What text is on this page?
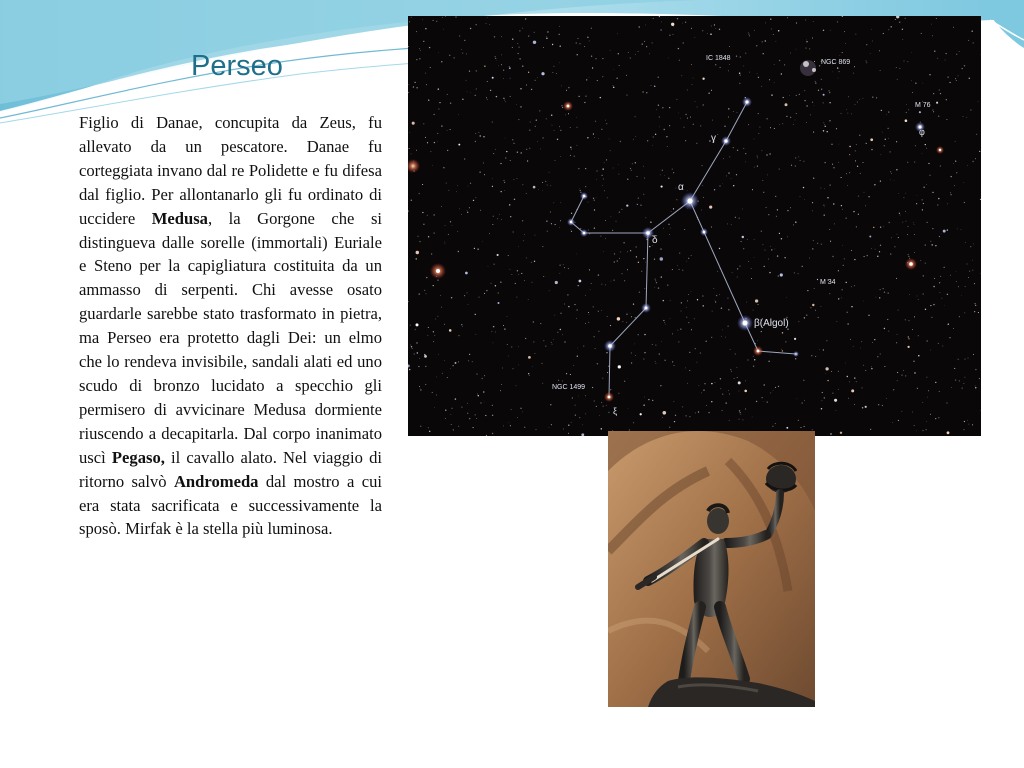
Perseo

Figlio di Danae, concupita da Zeus, fu allevato da un pescatore. Danae fu corteggiata invano dal re Polidette e fu difesa dal figlio. Per allontanarlo gli fu ordinato di uccidere Medusa, la Gorgone che si distingueva dalle sorelle (immortali) Euriale e Steno per la capigliatura costituita da un ammasso di serpenti. Chi avesse osato guardarle sarebbe stato trasformato in pietra, ma Perseo era protetto dagli Dei: un elmo che lo rendeva invisibile, sandali alati ed uno scudo di bronzo lucidato a specchio gli permisero di avvicinare Medusa dormiente riuscendo a decapitarla. Dal corpo inanimato uscì Pegaso, il cavallo alato. Nel viaggio di ritorno salvò Andromeda dal mostro a cui era stata sacrificata e successivamente la sposò. Mirfak è la stella più luminosa.

IC 1848
NGC 869
M 76
φ
γ
α
δ
M 34
β(Algol)
NGC 1499
ξ
